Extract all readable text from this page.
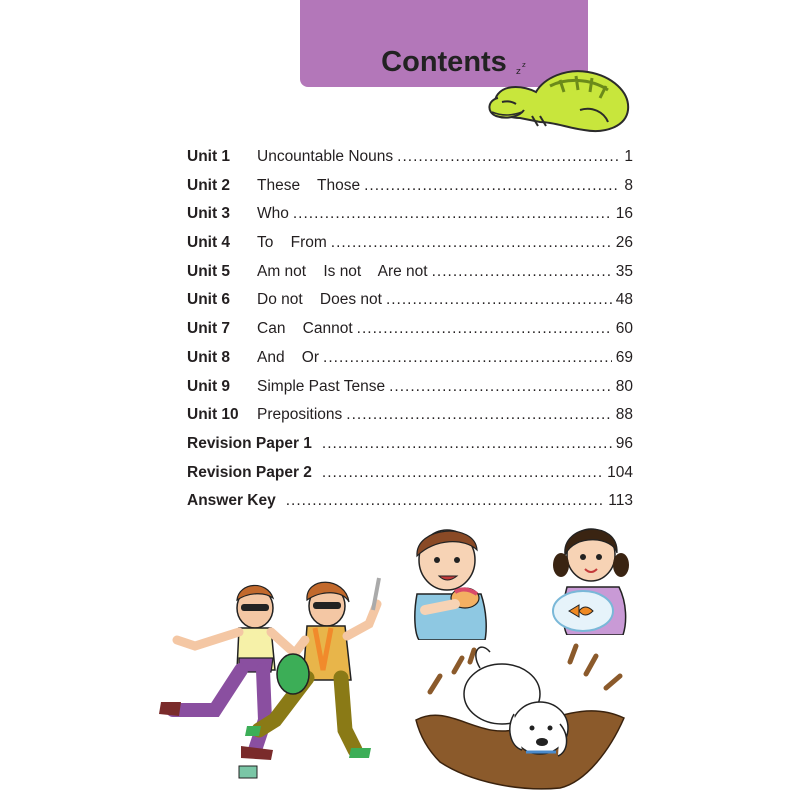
Contents	z
z
Unit 1	Uncountable Nouns .....	1
Unit 2	These    Those .....	8
Unit 3	Who .....	16
Unit 4	To    From .....	26
Unit 5	Am not    Is not    Are not .....	35
Unit 6	Do not    Does not .....	48
Unit 7	Can    Cannot .....	60
Unit 8	And    Or .....	69
Unit 9	Simple Past Tense .....	80
Unit 10	Prepositions .....	88
Revision Paper 1 .....	96
Revision Paper 2 .....	104
Answer Key .....	113
